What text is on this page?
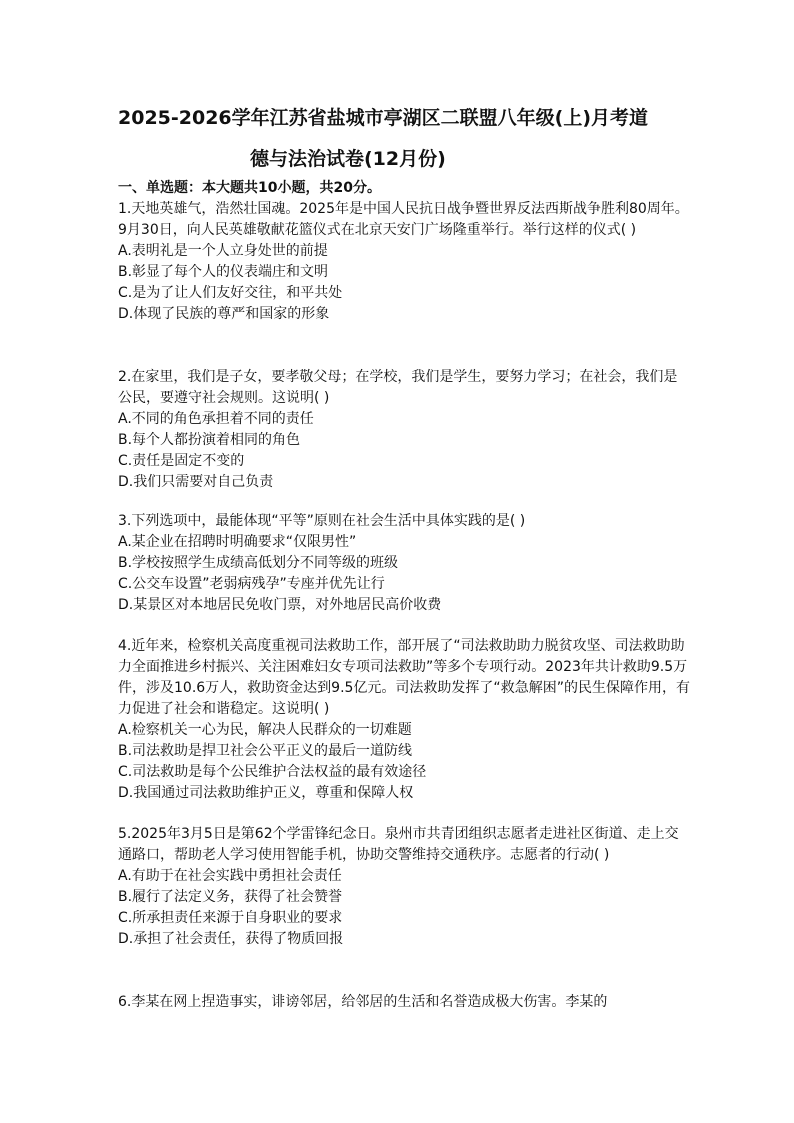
2025-2026学年江苏省盐城市亭湖区二联盟八年级(上)月考道
德与法治试卷(12月份)
一、单选题：本大题共10小题，共20分。

1.天地英雄气，浩然壮国魂。2025年是中国人民抗日战争暨世界反法西斯战争胜利80周年。9月30日，向人民英雄敬献花篮仪式在北京天安门广场隆重举行。举行这样的仪式( )

A.表明礼是一个人立身处世的前提

B.彰显了每个人的仪表端庄和文明

C.是为了让人们友好交往，和平共处

D.体现了民族的尊严和国家的形象

2.在家里，我们是子女，要孝敬父母；在学校，我们是学生，要努力学习；在社会，我们是公民，要遵守社会规则。这说明( )

A.不同的角色承担着不同的责任

B.每个人都扮演着相同的角色

C.责任是固定不变的

D.我们只需要对自己负责

3.下列选项中，最能体现“平等”原则在社会生活中具体实践的是( )

A.某企业在招聘时明确要求“仅限男性”

B.学校按照学生成绩高低划分不同等级的班级

C.公交车设置”老弱病残孕”专座并优先让行

D.某景区对本地居民免收门票，对外地居民高价收费

4.近年来，检察机关高度重视司法救助工作，部开展了“司法救助助力脱贫攻坚、司法救助助力全面推进乡村振兴、关注困难妇女专项司法救助”等多个专项行动。2023年共计救助9.5万件，涉及10.6万人，救助资金达到9.5亿元。司法救助发挥了“救急解困”的民生保障作用，有力促进了社会和谐稳定。这说明( )

A.检察机关一心为民，解决人民群众的一切难题

B.司法救助是捍卫社会公平正义的最后一道防线

C.司法救助是每个公民维护合法权益的最有效途径

D.我国通过司法救助维护正义，尊重和保障人权

5.2025年3月5日是第62个学雷锋纪念日。泉州市共青团组织志愿者走进社区街道、走上交通路口，帮助老人学习使用智能手机，协助交警维持交通秩序。志愿者的行动( )

A.有助于在社会实践中勇担社会责任

B.履行了法定义务，获得了社会赞誉

C.所承担责任来源于自身职业的要求

D.承担了社会责任，获得了物质回报

6.李某在网上捏造事实，诽谤邻居，给邻居的生活和名誉造成极大伤害。李某的
